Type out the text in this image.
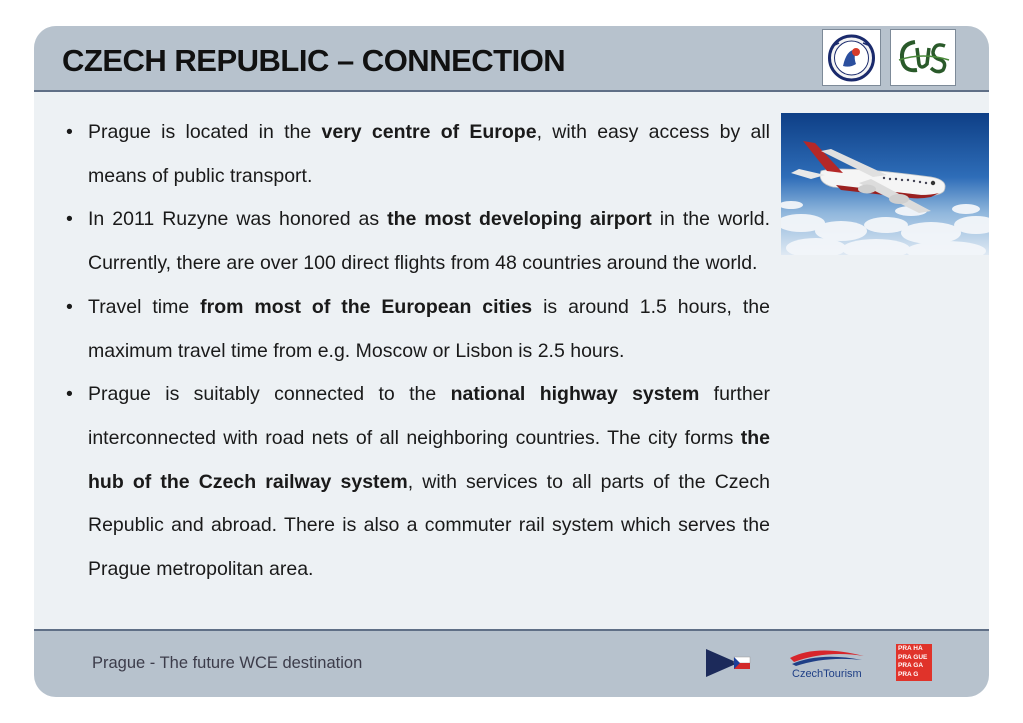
CZECH REPUBLIC – CONNECTION
• Prague is located in the very centre of Europe, with easy access by all means of public transport.
• In 2011 Ruzyne was honored as the most developing airport in the world. Currently, there are over 100 direct flights from 48 countries around the world.
• Travel time from most of the European cities is around 1.5 hours, the maximum travel time from e.g. Moscow or Lisbon is 2.5 hours.
• Prague is suitably connected to the national highway system further interconnected with road nets of all neighboring countries. The city forms the hub of the Czech railway system, with services to all parts of the Czech Republic and abroad. There is also a commuter rail system which serves the Prague metropolitan area.
Prague - The future WCE destination
CzechTourism
PRA HA
PRA GUE
PRA GA
PRA G
